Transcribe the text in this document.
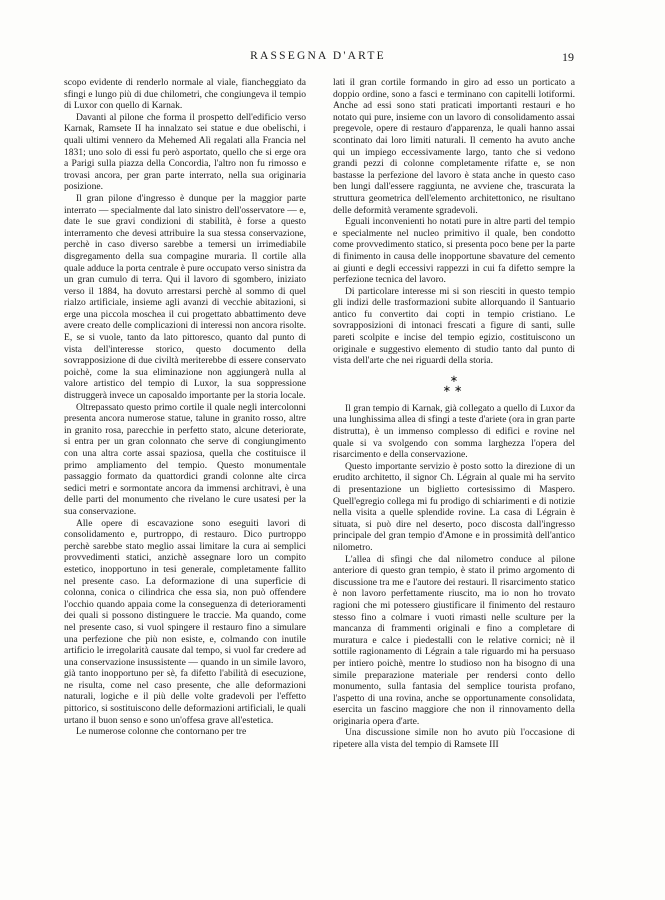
RASSEGNA D'ARTE	19

scopo evidente di renderlo normale al viale, fiancheggiato da sfingi e lungo più di due chilometri, che congiungeva il tempio di Luxor con quello di Karnak.

Davanti al pilone che forma il prospetto dell'edificio verso Karnak, Ramsete II ha innalzato sei statue e due obelischi, i quali ultimi vennero da Mehemed Alì regalati alla Francia nel 1831; uno solo di essi fu però asportato, quello che si erge ora a Parigi sulla piazza della Concordia, l'altro non fu rimosso e trovasi ancora, per gran parte interrato, nella sua originaria posizione.

Il gran pilone d'ingresso è dunque per la maggior parte interrato — specialmente dal lato sinistro dell'osservatore — e, date le sue gravi condizioni di stabilità, è forse a questo interramento che devesi attribuire la sua stessa conservazione, perchè in caso diverso sarebbe a temersi un irrimediabile disgregamento della sua compagine muraria. Il cortile alla quale adduce la porta centrale è pure occupato verso sinistra da un gran cumulo di terra. Qui il lavoro di sgombero, iniziato verso il 1884, ha dovuto arrestarsi perchè al sommo di quel rialzo artificiale, insieme agli avanzi di vecchie abitazioni, si erge una piccola moschea il cui progettato abbattimento deve avere creato delle complicazioni di interessi non ancora risolte. E, se si vuole, tanto da lato pittoresco, quanto dal punto di vista dell'interesse storico, questo documento della sovrapposizione di due civiltà meriterebbe di essere conservato poichè, come la sua eliminazione non aggiungerà nulla al valore artistico del tempio di Luxor, la sua soppressione distruggerà invece un caposaldo importante per la storia locale.

Oltrepassato questo primo cortile il quale negli intercolonni presenta ancora numerose statue, talune in granito rosso, altre in granito rosa, parecchie in perfetto stato, alcune deteriorate, si entra per un gran colonnato che serve di congiungimento con una altra corte assai spaziosa, quella che costituisce il primo ampliamento del tempio. Questo monumentale passaggio formato da quattordici grandi colonne alte circa sedici metri e sormontate ancora da immensi architravi, è una delle parti del monumento che rivelano le cure usatesi per la sua conservazione.

Alle opere di escavazione sono eseguiti lavori di consolidamento e, purtroppo, di restauro. Dico purtroppo perchè sarebbe stato meglio assai limitare la cura ai semplici provvedimenti statici, anzichè assegnare loro un compito estetico, inopportuno in tesi generale, completamente fallito nel presente caso. La deformazione di una superficie di colonna, conica o cilindrica che essa sia, non può offendere l'occhio quando appaia come la conseguenza di deterioramenti dei quali si possono distinguere le traccie. Ma quando, come nel presente caso, si vuol spingere il restauro fino a simulare una perfezione che più non esiste, e, colmando con inutile artificio le irregolarità causate dal tempo, si vuol far credere ad una conservazione insussistente — quando in un simile lavoro, già tanto inopportuno per sè, fa difetto l'abilità di esecuzione, ne risulta, come nel caso presente, che alle deformazioni naturali, logiche e il più delle volte gradevoli per l'effetto pittorico, si sostituiscono delle deformazioni artificiali, le quali urtano il buon senso e sono un'offesa grave all'estetica.

Le numerose colonne che contornano per tre

lati il gran cortile formando in giro ad esso un porticato a doppio ordine, sono a fasci e terminano con capitelli lotiformi. Anche ad essi sono stati praticati importanti restauri e ho notato qui pure, insieme con un lavoro di consolidamento assai pregevole, opere di restauro d'apparenza, le quali hanno assai scontinato dai loro limiti naturali. Il cemento ha avuto anche qui un impiego eccessivamente largo, tanto che si vedono grandi pezzi di colonne completamente rifatte e, se non bastasse la perfezione del lavoro è stata anche in questo caso ben lungi dall'essere raggiunta, ne avviene che, trascurata la struttura geometrica dell'elemento architettonico, ne risultano delle deformità veramente sgradevoli.

Eguali inconvenienti ho notati pure in altre parti del tempio e specialmente nel nucleo primitivo il quale, ben condotto come provvedimento statico, si presenta poco bene per la parte di finimento in causa delle inopportune sbavature del cemento ai giunti e degli eccessivi rappezzi in cui fa difetto sempre la perfezione tecnica del lavoro.

Di particolare interesse mi si son riesciti in questo tempio gli indizi delle trasformazioni subite allorquando il Santuario antico fu convertito dai copti in tempio cristiano. Le sovrapposizioni di intonaci frescati a figure di santi, sulle pareti scolpite e incise del tempio egizio, costituiscono un originale e suggestivo elemento di studio tanto dal punto di vista dell'arte che nei riguardi della storia.

∗
∗∗

Il gran tempio di Karnak, già collegato a quello di Luxor da una lunghissima allea di sfingi a teste d'ariete (ora in gran parte distrutta), è un immenso complesso di edifici e rovine nel quale si va svolgendo con somma larghezza l'opera del risarcimento e della conservazione.

Questo importante servizio è posto sotto la direzione di un erudito architetto, il signor Ch. Légrain al quale mi ha servito di presentazione un biglietto cortesissimo di Maspero. Quell'egregio collega mi fu prodigo di schiarimenti e di notizie nella visita a quelle splendide rovine. La casa di Légrain è situata, si può dire nel deserto, poco discosta dall'ingresso principale del gran tempio d'Amone e in prossimità dell'antico nilometro.

L'allea di sfingi che dal nilometro conduce al pilone anteriore di questo gran tempio, è stato il primo argomento di discussione tra me e l'autore dei restauri. Il risarcimento statico è non lavoro perfettamente riuscito, ma io non ho trovato ragioni che mi potessero giustificare il finimento del restauro stesso fino a colmare i vuoti rimasti nelle sculture per la mancanza di frammenti originali e fino a completare di muratura e calce i piedestalli con le relative cornici; nè il sottile ragionamento di Légrain a tale riguardo mi ha persuaso per intiero poichè, mentre lo studioso non ha bisogno di una simile preparazione materiale per rendersi conto dello monumento, sulla fantasia del semplice tourista profano, l'aspetto di una rovina, anche se opportunamente consolidata, esercita un fascino maggiore che non il rinnovamento della originaria opera d'arte.

Una discussione simile non ho avuto più l'occasione di ripetere alla vista del tempio di Ramsete III
